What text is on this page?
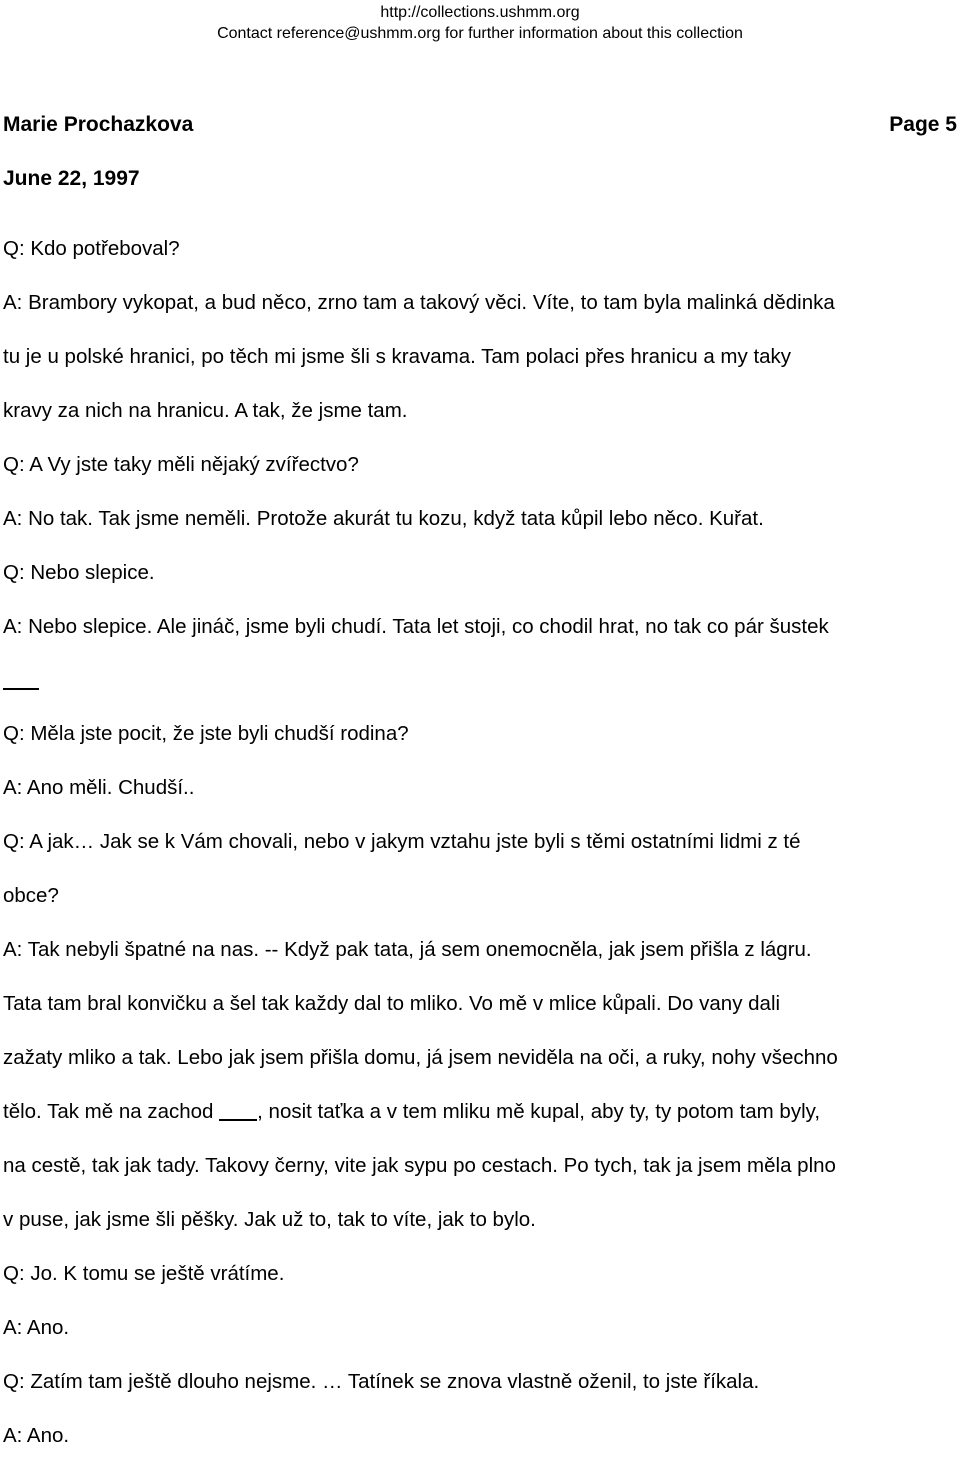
http://collections.ushmm.org
Contact reference@ushmm.org for further information about this collection
Marie Prochazkova	Page 5
June 22, 1997
Q: Kdo potřeboval?
A: Brambory vykopat, a bud něco, zrno tam a takový věci. Víte, to tam byla malinká dědinka
tu je u polské hranici, po těch mi jsme šli s kravama. Tam polaci přes hranicu a my taky
kravy za nich na hranicu. A tak, že jsme tam.
Q: A Vy jste taky měli nějaký zvířectvo?
A: No tak. Tak jsme neměli. Protože akurát tu kozu, když tata kůpil lebo něco. Kuřat.
Q: Nebo slepice.
A: Nebo slepice. Ale jináč, jsme byli chudí. Tata let stoji, co chodil hrat, no tak co pár šustek
Q: Měla jste pocit, že jste byli chudší rodina?
A: Ano měli. Chudší..
Q: A jak… Jak se k Vám chovali, nebo v jakym vztahu jste byli s těmi ostatními lidmi z té
obce?
A: Tak nebyli špatné na nas. -- Když pak tata, já sem onemocněla, jak jsem přišla z lágru.
Tata tam bral konvičku a šel tak každy dal to mliko. Vo mě v mlice kůpali. Do vany dali
zažaty mliko a tak. Lebo jak jsem přišla domu, já jsem neviděla na oči, a ruky, nohy všechno
tělo. Tak mě na zachod , nosit taťka a v tem mliku mě kupal, aby ty, ty potom tam byly,
na cestě, tak jak tady. Takovy černy, vite jak sypu po cestach. Po tych, tak ja jsem měla plno
v puse, jak jsme šli pěšky. Jak už to, tak to víte, jak to bylo.
Q: Jo. K tomu se ještě vrátíme.
A: Ano.
Q: Zatím tam ještě dlouho nejsme. … Tatínek se znova vlastně oženil, to jste říkala.
A: Ano.
